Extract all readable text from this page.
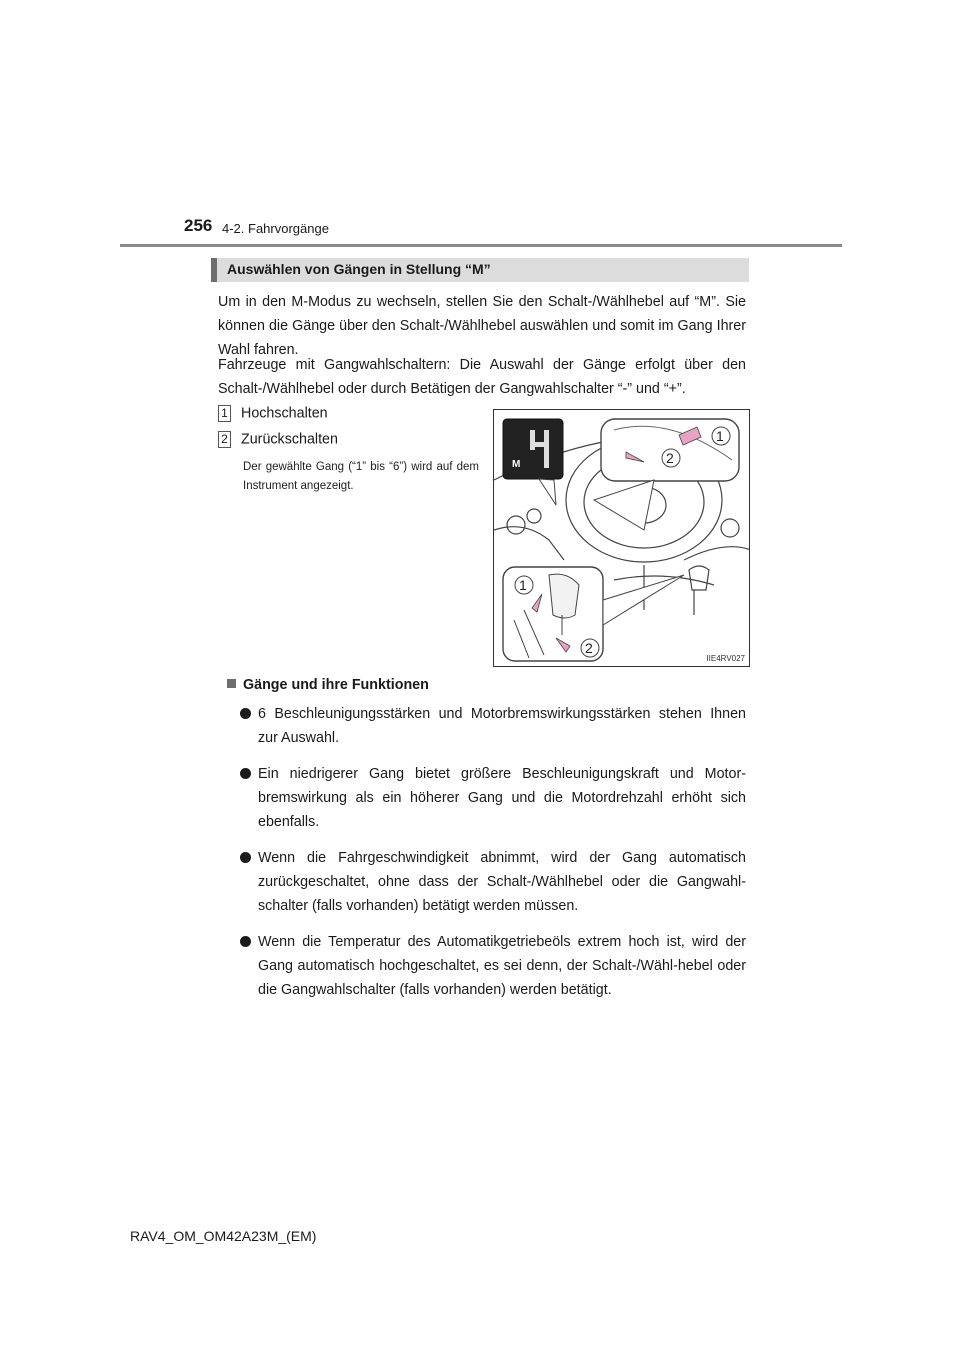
256 4-2. Fahrvorgänge
Auswählen von Gängen in Stellung “M”

Um in den M-Modus zu wechseln, stellen Sie den Schalt-/Wählhebel auf “M”. Sie können die Gänge über den Schalt-/Wählhebel auswählen und somit im Gang Ihrer Wahl fahren.

Fahrzeuge mit Gangwahlschaltern: Die Auswahl der Gänge erfolgt über den Schalt-/Wählhebel oder durch Betätigen der Gangwahlschalter “-” und “+”.

1 Hochschalten
2 Zurückschalten

Der gewählte Gang (“1” bis “6”) wird auf dem Instrument angezeigt.

M
1
2
1
2
IIE4RV027
Gänge und ihre Funktionen
6 Beschleunigungsstärken und Motorbremswirkungsstärken stehen Ihnen zur Auswahl.
Ein niedrigerer Gang bietet größere Beschleunigungskraft und Motor-bremswirkung als ein höherer Gang und die Motordrehzahl erhöht sich ebenfalls.
Wenn die Fahrgeschwindigkeit abnimmt, wird der Gang automatisch zurückgeschaltet, ohne dass der Schalt-/Wählhebel oder die Gangwahl-schalter (falls vorhanden) betätigt werden müssen.
Wenn die Temperatur des Automatikgetriebeöls extrem hoch ist, wird der Gang automatisch hochgeschaltet, es sei denn, der Schalt-/Wähl-hebel oder die Gangwahlschalter (falls vorhanden) werden betätigt.
RAV4_OM_OM42A23M_(EM)
